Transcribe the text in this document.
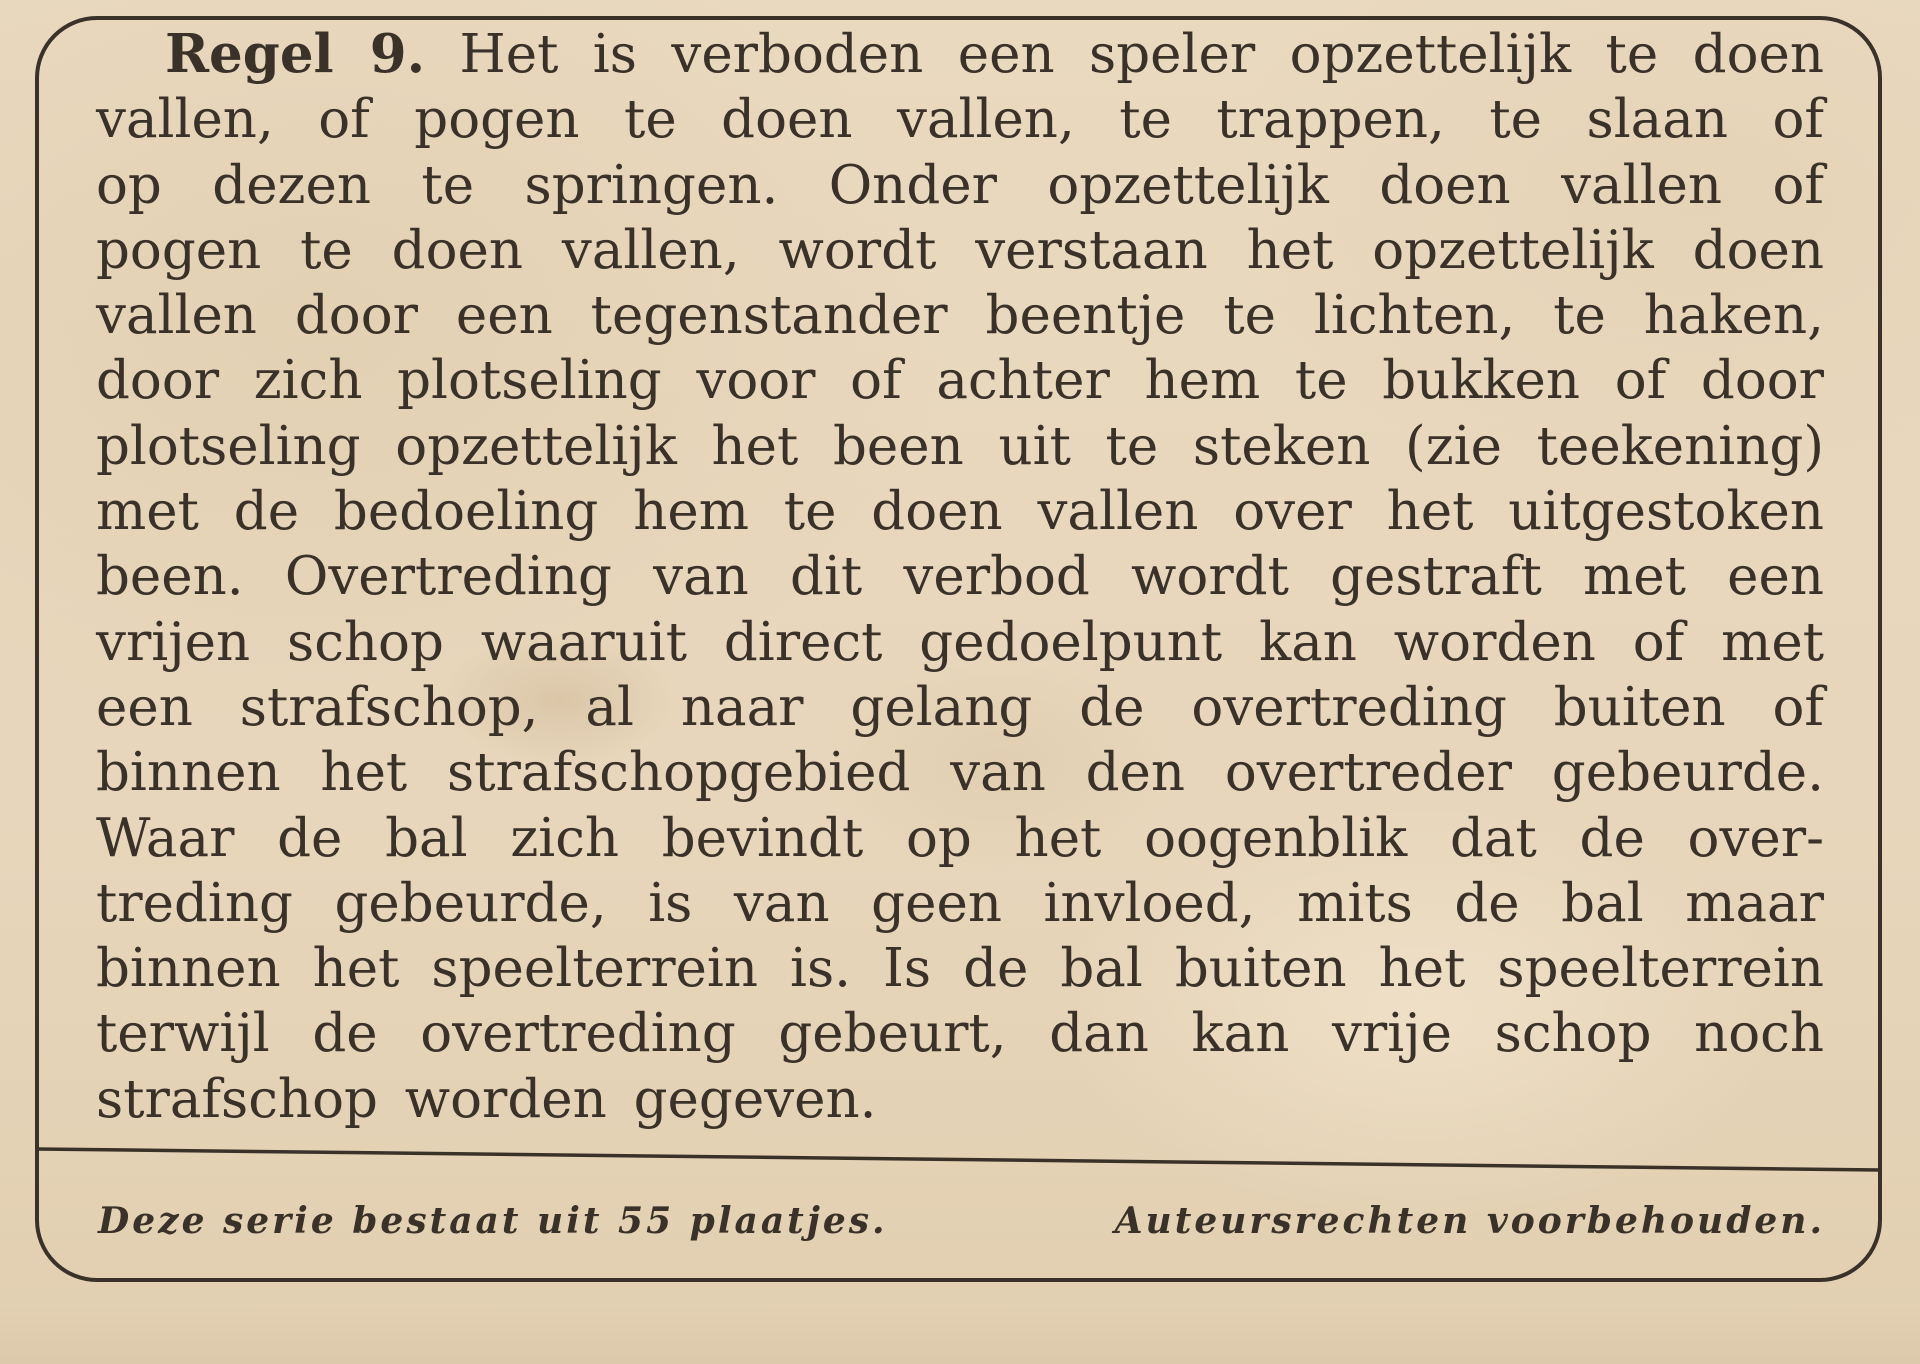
Regel 9. Het is verboden een speler opzettelijk te doen
vallen, of pogen te doen vallen, te trappen, te slaan of
op dezen te springen. Onder opzettelijk doen vallen of
pogen te doen vallen, wordt verstaan het opzettelijk doen
vallen door een tegenstander beentje te lichten, te haken,
door zich plotseling voor of achter hem te bukken of door
plotseling opzettelijk het been uit te steken (zie teekening)
met de bedoeling hem te doen vallen over het uitgestoken
been. Overtreding van dit verbod wordt gestraft met een
vrijen schop waaruit direct gedoelpunt kan worden of met
een strafschop, al naar gelang de overtreding buiten of
binnen het strafschopgebied van den overtreder gebeurde.
Waar de bal zich bevindt op het oogenblik dat de over-
treding gebeurde, is van geen invloed, mits de bal maar
binnen het speelterrein is. Is de bal buiten het speelterrein
terwijl de overtreding gebeurt, dan kan vrije schop noch
strafschop worden gegeven.
Deze serie bestaat uit 55 plaatjes.	Auteursrechten voorbehouden.
